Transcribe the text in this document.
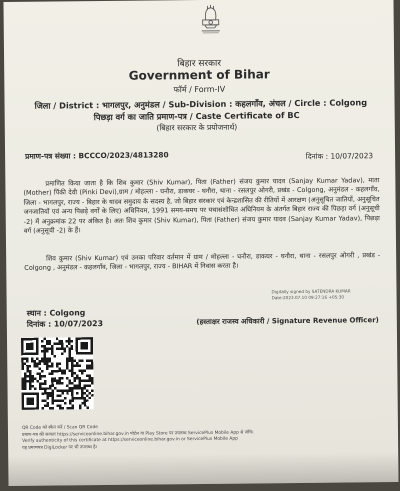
बिहार सरकार
Government of Bihar
फॉर्म / Form-IV
जिला / District : भागलपुर, अनुमंडल / Sub-Division : कहलगाँव, अंचल / Circle : Colgong
पिछड़ा वर्ग का जाति प्रमाण-पत्र / Caste Certificate of BC
(बिहार सरकार के प्रयोजनार्थ)
प्रमाण-पत्र संख्या : BCCCO/2023/4813280	दिनांक : 10/07/2023
प्रमाणित किया जाता है कि शिव कुमार (Shiv Kumar), पिता (Father) संजय कुमार यादव (Sanjay Kumar Yadav), माता (Mother) पिंकी देवी (Pinki Devi),ग्राम / मोहल्ला - घनौरा, डाकघर - घनौरा, थाना - रसलपुर ओगरी, प्रखंड - Colgong, अनुमंडल - कहलगाँव, जिला - भागलपुर, राज्य - बिहार के यादव समुदाय के सदस्य है, जो बिहार सरकार एवं केन्द्रशासित की रीतियों में आरक्षण (अनुसूचित जातियों, अनुसूचित जनजातियों एवं अन्य पिछड़े वर्गों के लिए) अधिनियम, 1991 समय-समय पर यथासंशोधित अधिनियम के अंतर्गत बिहार राज्य की पिछड़ा वर्ग (अनुसूची -2) में अनुक्रमांक 22 पर अंकित है। अतः शिव कुमार (Shiv Kumar), पिता (Father) संजय कुमार यादव (Sanjay Kumar Yadav), पिछड़ा वर्ग (अनुसूची -2) के हैं।
शिव कुमार (Shiv Kumar) एवं उनका परिवार वर्तमान में ग्राम / मोहल्ला - घनौरा, डाकघर - घनौरा, थाना - रसलपुर ओगरी , प्रखंड - Colgong , अनुमंडल - कहलगाँव, जिला - भागलपुर, राज्य - BIHAR में निवास करता है।
Digitally signed by SATENDRA KUMAR
Date:2023.07.10 09:27:16 +05:30
स्थान : Colgong
दिनांक : 10/07/2023	(हस्ताक्षर राजस्व अधिकारी / Signature Revenue Officer)
QR Code को स्कैन करें / Scan QR Code
प्रमाण-पत्र की सत्यता https://serviceonline.bihar.gov.in पोर्टल या Play Store पर उपलब्ध ServicePlus Mobile App से जाँचे।
Verify authenticity of this certificate at https://serviceonline.bihar.gov.in or ServicePlus Mobile App
यह प्रमाणपत्र DigiLocker पर भी उपलब्ध है।
